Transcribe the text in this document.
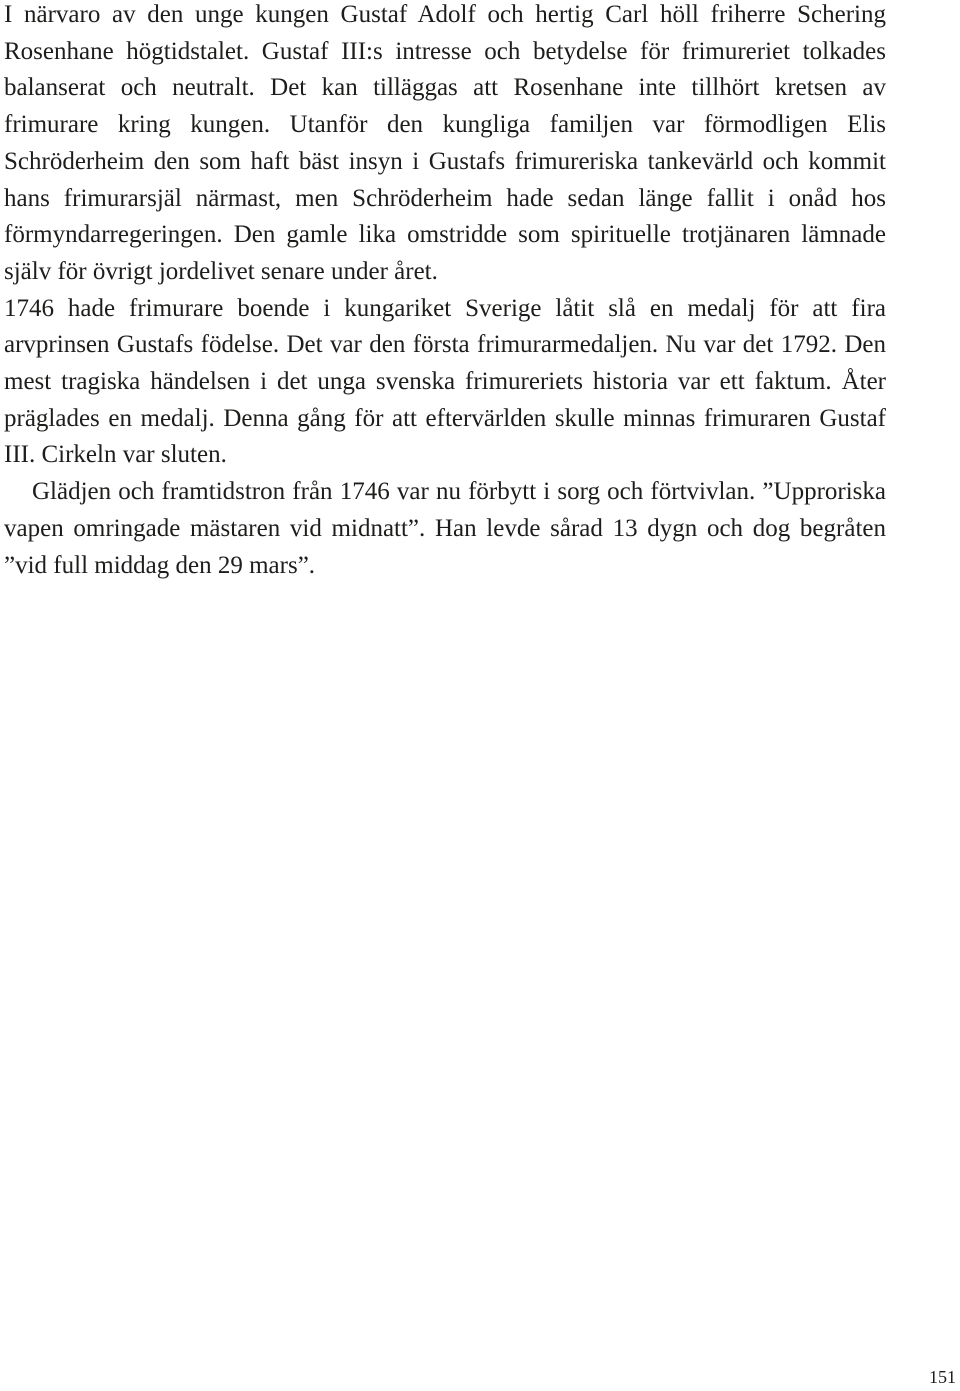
I närvaro av den unge kungen Gustaf Adolf och hertig Carl höll friherre Schering Rosenhane högtidstalet. Gustaf III:s intresse och betydelse för frimureriet tolkades balanserat och neutralt. Det kan tilläggas att Rosenhane inte tillhört kretsen av frimurare kring kungen. Utanför den kungliga familjen var förmodligen Elis Schröderheim den som haft bäst insyn i Gustafs frimureriska tankevärld och kommit hans frimurarsjäl närmast, men Schröderheim hade sedan länge fallit i onåd hos förmyndarregeringen. Den gamle lika omstridde som spirituelle trotjänaren lämnade själv för övrigt jordelivet senare under året.

1746 hade frimurare boende i kungariket Sverige låtit slå en medalj för att fira arvprinsen Gustafs födelse. Det var den första frimurarmedaljen. Nu var det 1792. Den mest tragiska händelsen i det unga svenska frimureriets historia var ett faktum. Åter präglades en medalj. Denna gång för att eftervärlden skulle minnas frimuraren Gustaf III. Cirkeln var sluten.

Glädjen och framtidstron från 1746 var nu förbytt i sorg och förtvivlan. ”Upproriska vapen omringade mästaren vid midnatt”. Han levde sårad 13 dygn och dog begråten ”vid full middag den 29 mars”.

151
